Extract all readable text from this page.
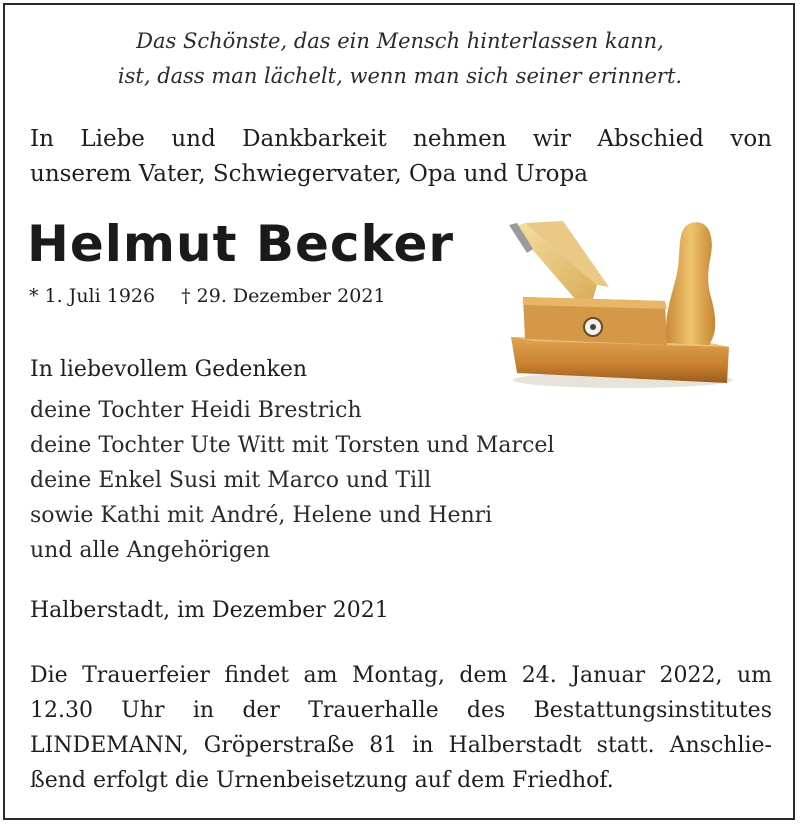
Das Schönste, das ein Mensch hinterlassen kann,
ist, dass man lächelt, wenn man sich seiner erinnert.
In Liebe und Dankbarkeit nehmen wir Abschied von
unserem Vater, Schwiegervater, Opa und Uropa
Helmut Becker
* 1. Juli 1926 † 29. Dezember 2021
In liebevollem Gedenken
deine Tochter Heidi Brestrich
deine Tochter Ute Witt mit Torsten und Marcel
deine Enkel Susi mit Marco und Till
sowie Kathi mit André, Helene und Henri
und alle Angehörigen
Halberstadt, im Dezember 2021
Die Trauerfeier findet am Montag, dem 24. Januar 2022, um
12.30 Uhr in der Trauerhalle des Bestattungsinstitutes
LINDEMANN, Gröperstraße 81 in Halberstadt statt. Anschlie-
ßend erfolgt die Urnenbeisetzung auf dem Friedhof.
